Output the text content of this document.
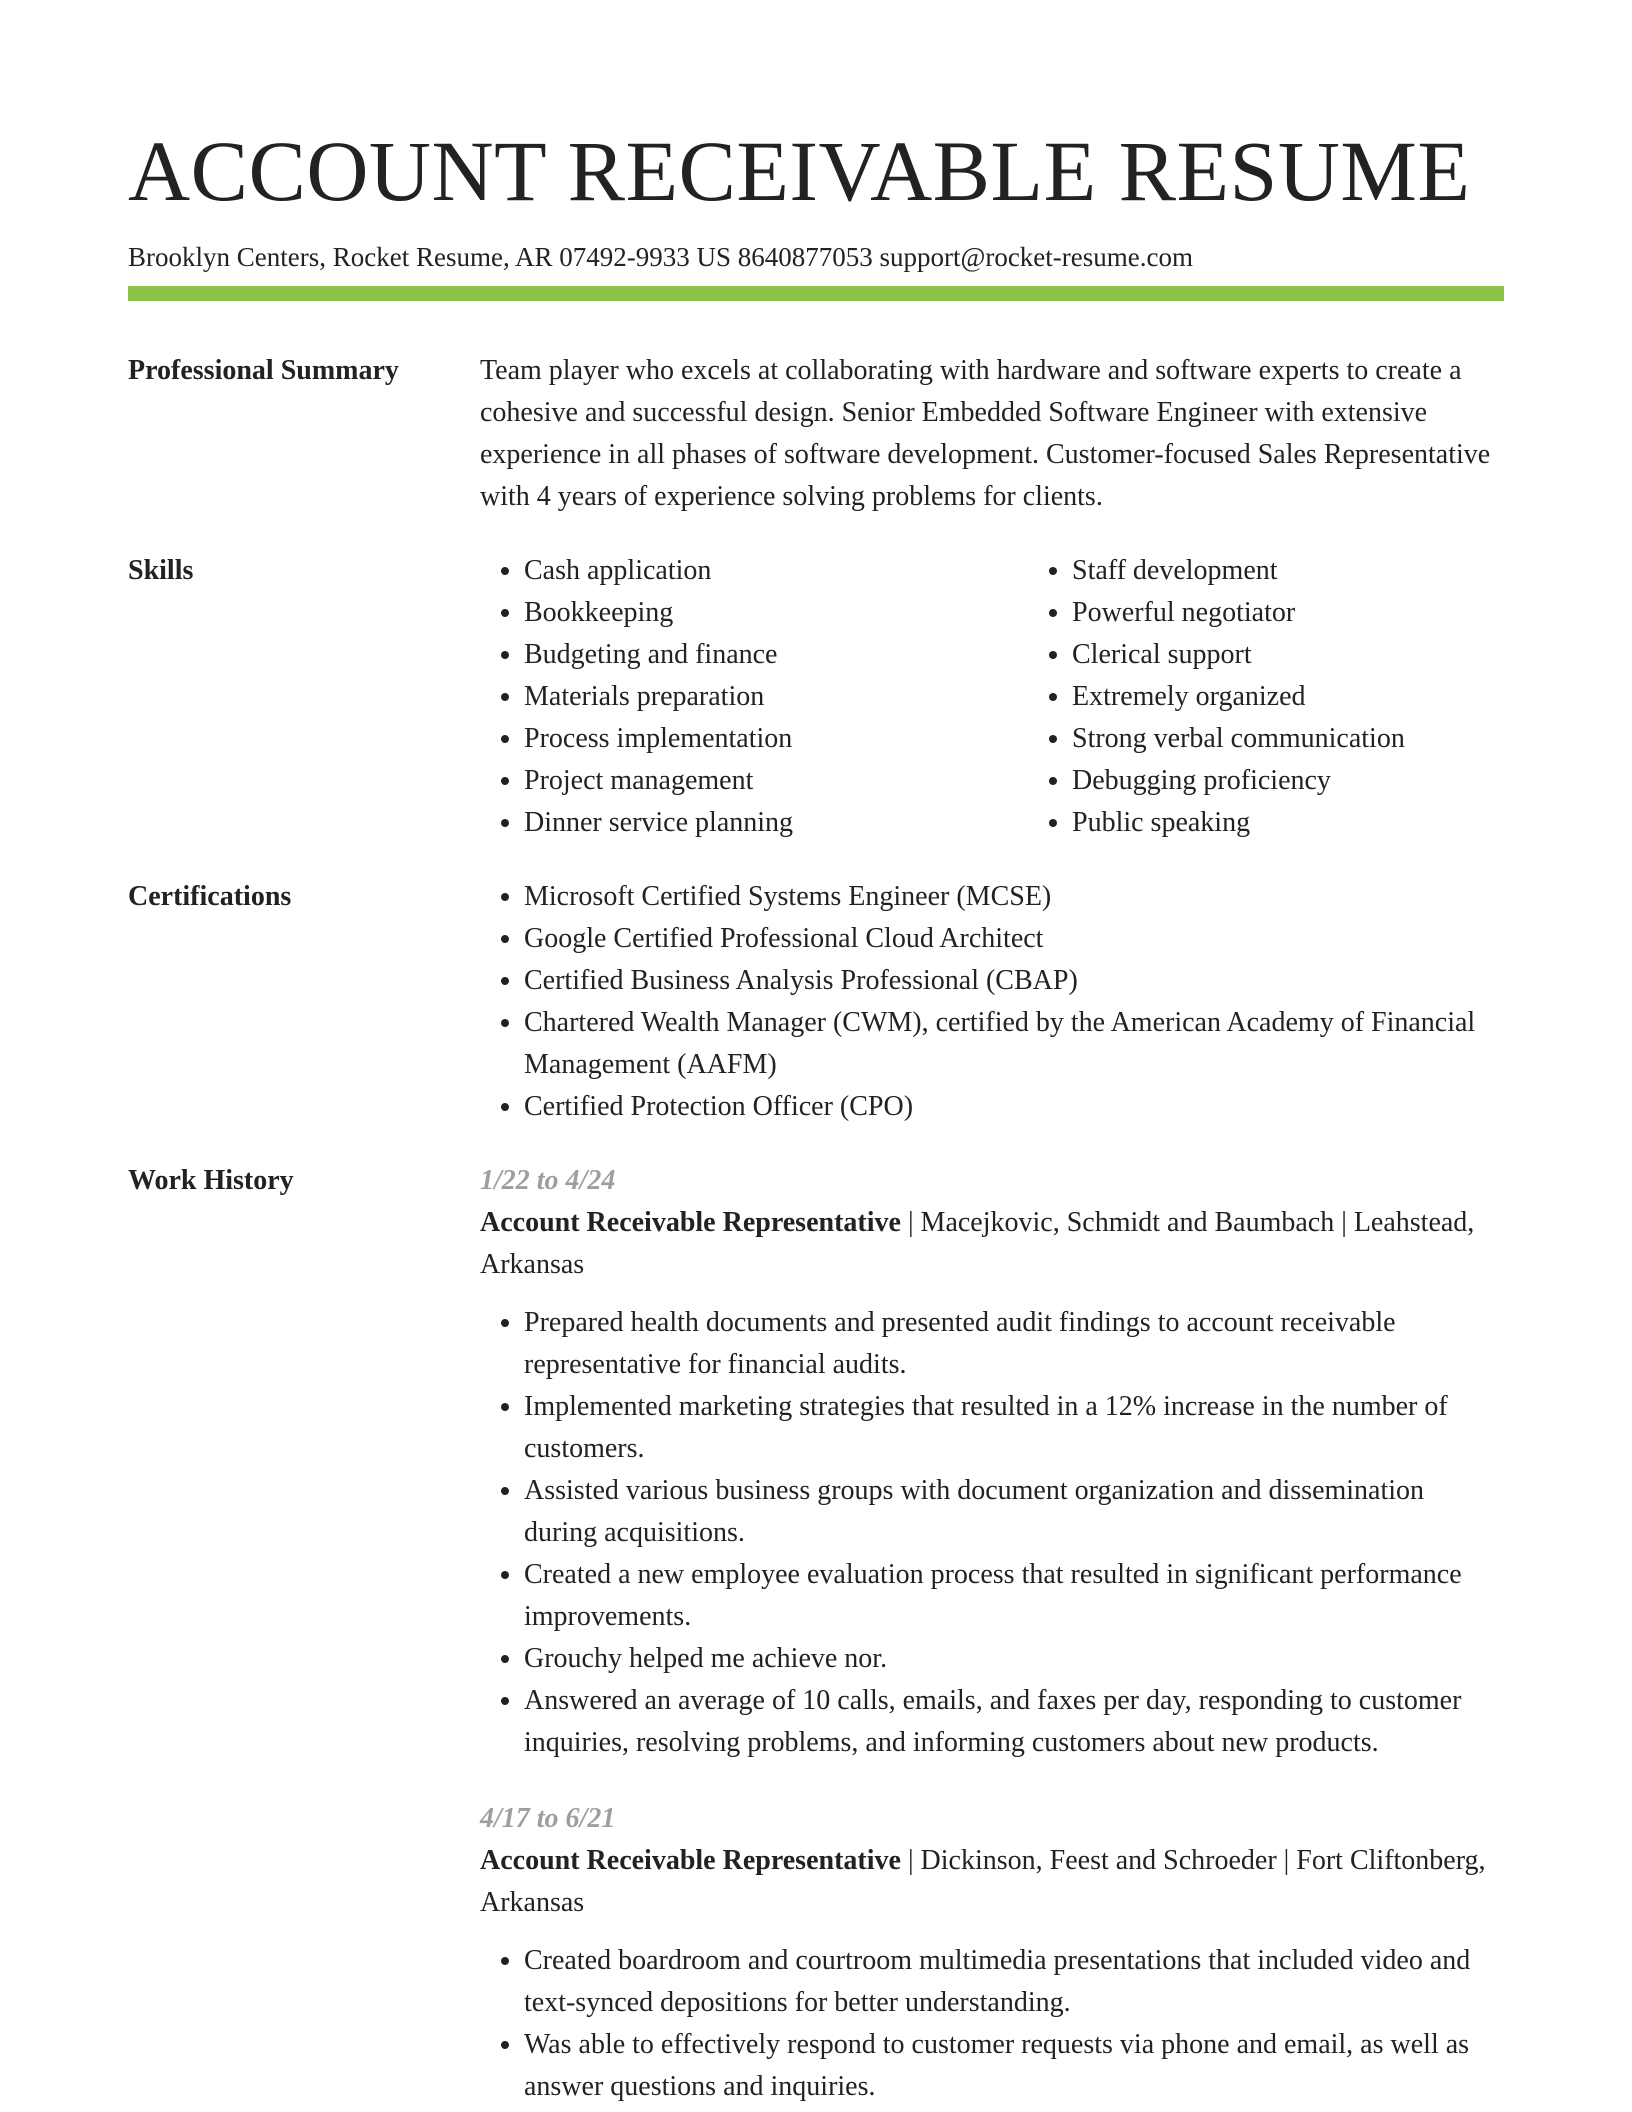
ACCOUNT RECEIVABLE RESUME
Brooklyn Centers, Rocket Resume, AR 07492-9933 US 8640877053 support@rocket-resume.com
Professional Summary	Team player who excels at collaborating with hardware and software experts to create a cohesive and successful design. Senior Embedded Software Engineer with extensive experience in all phases of software development. Customer-focused Sales Representative with 4 years of experience solving problems for clients.

Skills	• Cash application
• Bookkeeping
• Budgeting and finance
• Materials preparation
• Process implementation
• Project management
• Dinner service planning
• Staff development
• Powerful negotiator
• Clerical support
• Extremely organized
• Strong verbal communication
• Debugging proficiency
• Public speaking
Certifications	• Microsoft Certified Systems Engineer (MCSE)
• Google Certified Professional Cloud Architect
• Certified Business Analysis Professional (CBAP)
• Chartered Wealth Manager (CWM), certified by the American Academy of Financial Management (AAFM)
• Certified Protection Officer (CPO)
Work History	1/22 to 4/24
Account Receivable Representative | Macejkovic, Schmidt and Baumbach | Leahstead, Arkansas
• Prepared health documents and presented audit findings to account receivable representative for financial audits.
• Implemented marketing strategies that resulted in a 12% increase in the number of customers.
• Assisted various business groups with document organization and dissemination during acquisitions.
• Created a new employee evaluation process that resulted in significant performance improvements.
• Grouchy helped me achieve nor.
• Answered an average of 10 calls, emails, and faxes per day, responding to customer inquiries, resolving problems, and informing customers about new products.
4/17 to 6/21
Account Receivable Representative | Dickinson, Feest and Schroeder | Fort Cliftonberg, Arkansas
• Created boardroom and courtroom multimedia presentations that included video and text-synced depositions for better understanding.
• Was able to effectively respond to customer requests via phone and email, as well as answer questions and inquiries.
